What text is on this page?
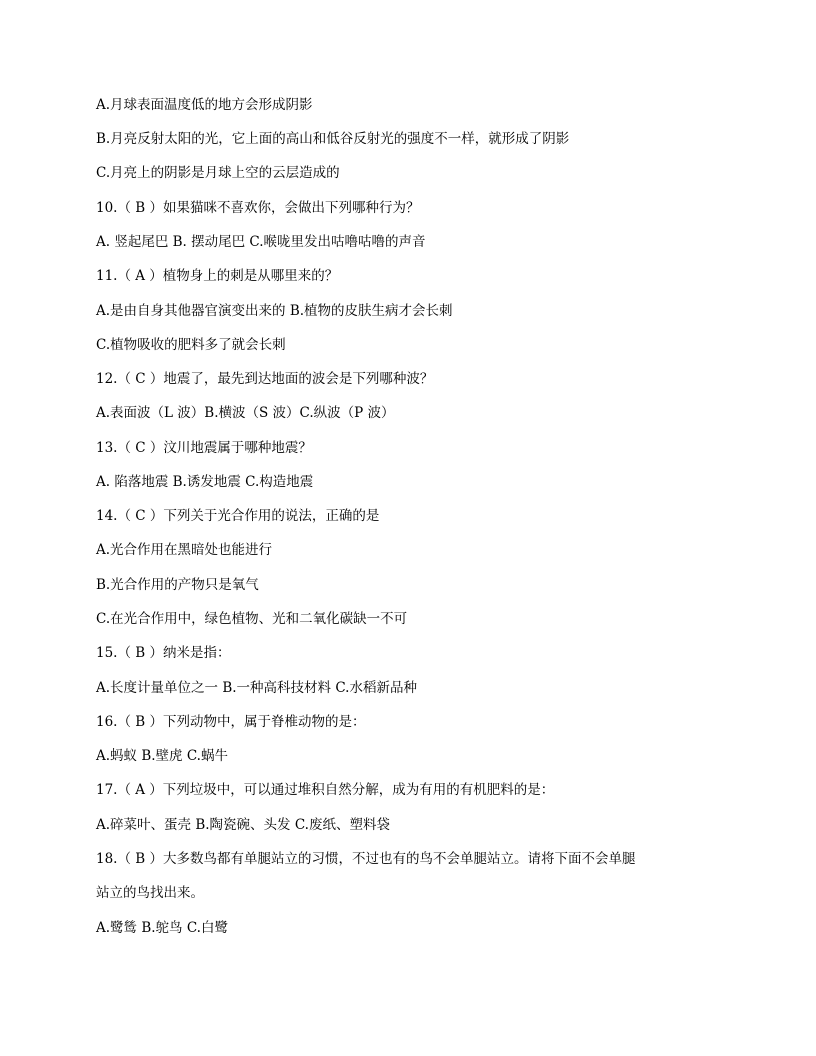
A.月球表面温度低的地方会形成阴影
B.月亮反射太阳的光，它上面的高山和低谷反射光的强度不一样，就形成了阴影
C.月亮上的阴影是月球上空的云层造成的
10.（ B ）如果猫咪不喜欢你，会做出下列哪种行为？
A. 竖起尾巴 B. 摆动尾巴 C.喉咙里发出咕噜咕噜的声音
11.（ A ）植物身上的刺是从哪里来的？
A.是由自身其他器官演变出来的 B.植物的皮肤生病才会长刺
C.植物吸收的肥料多了就会长刺
12.（ C ）地震了，最先到达地面的波会是下列哪种波？
A.表面波（L 波）B.横波（S 波）C.纵波（P 波）
13.（ C ）汶川地震属于哪种地震？
A. 陷落地震 B.诱发地震 C.构造地震
14.（ C ）下列关于光合作用的说法，正确的是
A.光合作用在黑暗处也能进行
B.光合作用的产物只是氧气
C.在光合作用中，绿色植物、光和二氧化碳缺一不可
15.（ B ）纳米是指：
A.长度计量单位之一 B.一种高科技材料 C.水稻新品种
16.（ B ）下列动物中，属于脊椎动物的是：
A.蚂蚁 B.壁虎 C.蜗牛
17.（ A ）下列垃圾中，可以通过堆积自然分解，成为有用的有机肥料的是：
A.碎菜叶、蛋壳 B.陶瓷碗、头发 C.废纸、塑料袋
18.（ B ）大多数鸟都有单腿站立的习惯，不过也有的鸟不会单腿站立。请将下面不会单腿
站立的鸟找出来。
A.鹭鸶 B.鸵鸟 C.白鹭
